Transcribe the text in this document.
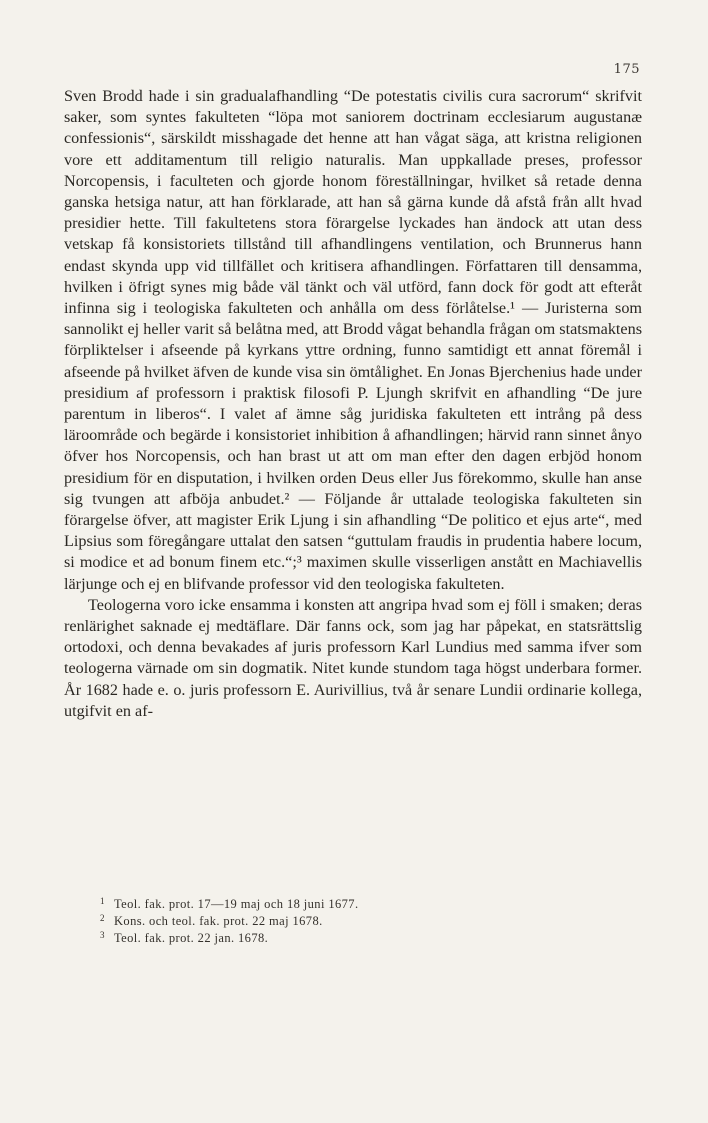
175

Sven Brodd hade i sin gradualafhandling “De potestatis civilis cura sacrorum“ skrifvit saker, som syntes fakulteten “löpa mot saniorem doctrinam ecclesiarum augustanæ confessionis“, särskildt misshagade det henne att han vågat säga, att kristna religionen vore ett additamentum till religio naturalis. Man uppkallade preses, professor Norcopensis, i faculteten och gjorde honom föreställningar, hvilket så retade denna ganska hetsiga natur, att han förklarade, att han så gärna kunde då afstå från allt hvad presidier hette. Till fakultetens stora förargelse lyckades han ändock att utan dess vetskap få konsistoriets tillstånd till afhandlingens ventilation, och Brunnerus hann endast skynda upp vid tillfället och kritisera afhandlingen. Författaren till densamma, hvilken i öfrigt synes mig både väl tänkt och väl utförd, fann dock för godt att efteråt infinna sig i teologiska fakulteten och anhålla om dess förlåtelse.¹ — Juristerna som sannolikt ej heller varit så belåtna med, att Brodd vågat behandla frågan om statsmaktens förpliktelser i afseende på kyrkans yttre ordning, funno samtidigt ett annat föremål i afseende på hvilket äfven de kunde visa sin ömtålighet. En Jonas Bjerchenius hade under presidium af professorn i praktisk filosofi P. Ljungh skrifvit en afhandling “De jure parentum in liberos“. I valet af ämne såg juridiska fakulteten ett intrång på dess läroområde och begärde i konsistoriet inhibition å afhandlingen; härvid rann sinnet ånyo öfver hos Norcopensis, och han brast ut att om man efter den dagen erbjöd honom presidium för en disputation, i hvilken orden Deus eller Jus förekommo, skulle han anse sig tvungen att afböja anbudet.² — Följande år uttalade teologiska fakulteten sin förargelse öfver, att magister Erik Ljung i sin afhandling “De politico et ejus arte“, med Lipsius som föregångare uttalat den satsen “guttulam fraudis in prudentia habere locum, si modice et ad bonum finem etc.“;³ maximen skulle visserligen anstått en Machiavellis lärjunge och ej en blifvande professor vid den teologiska fakulteten.

Teologerna voro icke ensamma i konsten att angripa hvad som ej föll i smaken; deras renlärighet saknade ej medtäflare. Där fanns ock, som jag har påpekat, en statsrättslig ortodoxi, och denna bevakades af juris professorn Karl Lundius med samma ifver som teologerna värnade om sin dogmatik. Nitet kunde stundom taga högst underbara former. År 1682 hade e. o. juris professorn E. Aurivillius, två år senare Lundii ordinarie kollega, utgifvit en af-

1 Teol. fak. prot. 17—19 maj och 18 juni 1677.
2 Kons. och teol. fak. prot. 22 maj 1678.
3 Teol. fak. prot. 22 jan. 1678.
